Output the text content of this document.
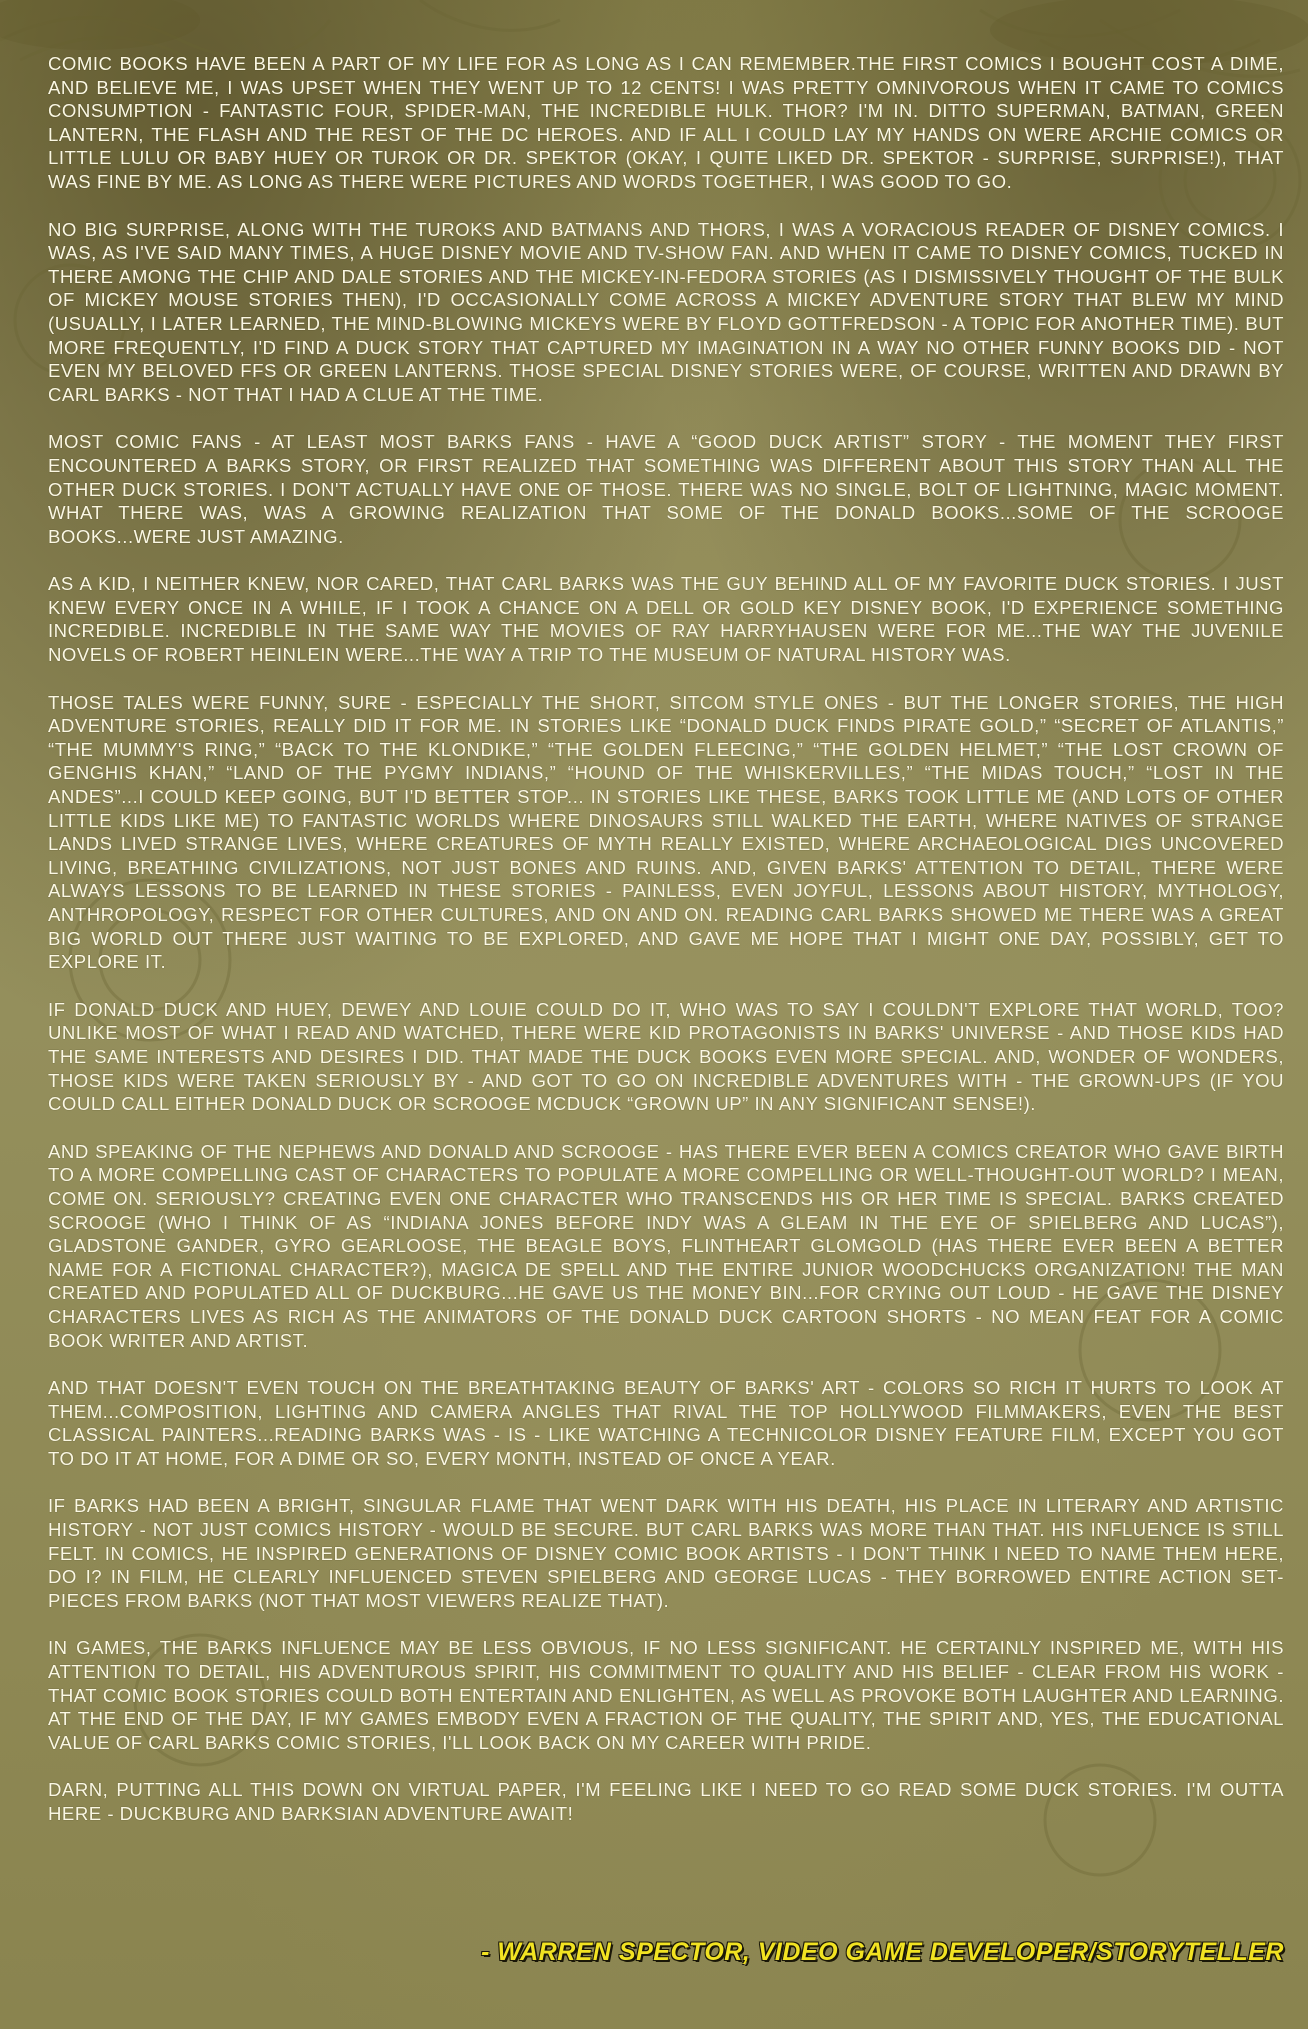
COMIC BOOKS HAVE BEEN A PART OF MY LIFE FOR AS LONG AS I CAN REMEMBER.THE FIRST COMICS I BOUGHT COST A DIME, AND BELIEVE ME, I WAS UPSET WHEN THEY WENT UP TO 12 CENTS! I WAS PRETTY OMNIVOROUS WHEN IT CAME TO COMICS CONSUMPTION - FANTASTIC FOUR, SPIDER-MAN, THE INCREDIBLE HULK. THOR? I'M IN. DITTO SUPERMAN, BATMAN, GREEN LANTERN, THE FLASH AND THE REST OF THE DC HEROES. AND IF ALL I COULD LAY MY HANDS ON WERE ARCHIE COMICS OR LITTLE LULU OR BABY HUEY OR TUROK OR DR. SPEKTOR (OKAY, I QUITE LIKED DR. SPEKTOR - SURPRISE, SURPRISE!), THAT WAS FINE BY ME. AS LONG AS THERE WERE PICTURES AND WORDS TOGETHER, I WAS GOOD TO GO.

NO BIG SURPRISE, ALONG WITH THE TUROKS AND BATMANS AND THORS, I WAS A VORACIOUS READER OF DISNEY COMICS. I WAS, AS I'VE SAID MANY TIMES, A HUGE DISNEY MOVIE AND TV-SHOW FAN. AND WHEN IT CAME TO DISNEY COMICS, TUCKED IN THERE AMONG THE CHIP AND DALE STORIES AND THE MICKEY-IN-FEDORA STORIES (AS I DISMISSIVELY THOUGHT OF THE BULK OF MICKEY MOUSE STORIES THEN), I'D OCCASIONALLY COME ACROSS A MICKEY ADVENTURE STORY THAT BLEW MY MIND (USUALLY, I LATER LEARNED, THE MIND-BLOWING MICKEYS WERE BY FLOYD GOTTFREDSON - A TOPIC FOR ANOTHER TIME). BUT MORE FREQUENTLY, I'D FIND A DUCK STORY THAT CAPTURED MY IMAGINATION IN A WAY NO OTHER FUNNY BOOKS DID - NOT EVEN MY BELOVED FFS OR GREEN LANTERNS. THOSE SPECIAL DISNEY STORIES WERE, OF COURSE, WRITTEN AND DRAWN BY CARL BARKS - NOT THAT I HAD A CLUE AT THE TIME.

MOST COMIC FANS - AT LEAST MOST BARKS FANS - HAVE A “GOOD DUCK ARTIST” STORY - THE MOMENT THEY FIRST ENCOUNTERED A BARKS STORY, OR FIRST REALIZED THAT SOMETHING WAS DIFFERENT ABOUT THIS STORY THAN ALL THE OTHER DUCK STORIES. I DON'T ACTUALLY HAVE ONE OF THOSE. THERE WAS NO SINGLE, BOLT OF LIGHTNING, MAGIC MOMENT. WHAT THERE WAS, WAS A GROWING REALIZATION THAT SOME OF THE DONALD BOOKS...SOME OF THE SCROOGE BOOKS...WERE JUST AMAZING.

AS A KID, I NEITHER KNEW, NOR CARED, THAT CARL BARKS WAS THE GUY BEHIND ALL OF MY FAVORITE DUCK STORIES. I JUST KNEW EVERY ONCE IN A WHILE, IF I TOOK A CHANCE ON A DELL OR GOLD KEY DISNEY BOOK, I'D EXPERIENCE SOMETHING INCREDIBLE. INCREDIBLE IN THE SAME WAY THE MOVIES OF RAY HARRYHAUSEN WERE FOR ME...THE WAY THE JUVENILE NOVELS OF ROBERT HEINLEIN WERE...THE WAY A TRIP TO THE MUSEUM OF NATURAL HISTORY WAS.

THOSE TALES WERE FUNNY, SURE - ESPECIALLY THE SHORT, SITCOM STYLE ONES - BUT THE LONGER STORIES, THE HIGH ADVENTURE STORIES, REALLY DID IT FOR ME. IN STORIES LIKE “DONALD DUCK FINDS PIRATE GOLD,” “SECRET OF ATLANTIS,” “THE MUMMY'S RING,” “BACK TO THE KLONDIKE,” “THE GOLDEN FLEECING,” “THE GOLDEN HELMET,” “THE LOST CROWN OF GENGHIS KHAN,” “LAND OF THE PYGMY INDIANS,” “HOUND OF THE WHISKERVILLES,” “THE MIDAS TOUCH,” “LOST IN THE ANDES”...I COULD KEEP GOING, BUT I'D BETTER STOP... IN STORIES LIKE THESE, BARKS TOOK LITTLE ME (AND LOTS OF OTHER LITTLE KIDS LIKE ME) TO FANTASTIC WORLDS WHERE DINOSAURS STILL WALKED THE EARTH, WHERE NATIVES OF STRANGE LANDS LIVED STRANGE LIVES, WHERE CREATURES OF MYTH REALLY EXISTED, WHERE ARCHAEOLOGICAL DIGS UNCOVERED LIVING, BREATHING CIVILIZATIONS, NOT JUST BONES AND RUINS. AND, GIVEN BARKS' ATTENTION TO DETAIL, THERE WERE ALWAYS LESSONS TO BE LEARNED IN THESE STORIES - PAINLESS, EVEN JOYFUL, LESSONS ABOUT HISTORY, MYTHOLOGY, ANTHROPOLOGY, RESPECT FOR OTHER CULTURES, AND ON AND ON. READING CARL BARKS SHOWED ME THERE WAS A GREAT BIG WORLD OUT THERE JUST WAITING TO BE EXPLORED, AND GAVE ME HOPE THAT I MIGHT ONE DAY, POSSIBLY, GET TO EXPLORE IT.

IF DONALD DUCK AND HUEY, DEWEY AND LOUIE COULD DO IT, WHO WAS TO SAY I COULDN'T EXPLORE THAT WORLD, TOO? UNLIKE MOST OF WHAT I READ AND WATCHED, THERE WERE KID PROTAGONISTS IN BARKS' UNIVERSE - AND THOSE KIDS HAD THE SAME INTERESTS AND DESIRES I DID. THAT MADE THE DUCK BOOKS EVEN MORE SPECIAL. AND, WONDER OF WONDERS, THOSE KIDS WERE TAKEN SERIOUSLY BY - AND GOT TO GO ON INCREDIBLE ADVENTURES WITH - THE GROWN-UPS (IF YOU COULD CALL EITHER DONALD DUCK OR SCROOGE MCDUCK “GROWN UP” IN ANY SIGNIFICANT SENSE!).

AND SPEAKING OF THE NEPHEWS AND DONALD AND SCROOGE - HAS THERE EVER BEEN A COMICS CREATOR WHO GAVE BIRTH TO A MORE COMPELLING CAST OF CHARACTERS TO POPULATE A MORE COMPELLING OR WELL-THOUGHT-OUT WORLD? I MEAN, COME ON. SERIOUSLY? CREATING EVEN ONE CHARACTER WHO TRANSCENDS HIS OR HER TIME IS SPECIAL. BARKS CREATED SCROOGE (WHO I THINK OF AS “INDIANA JONES BEFORE INDY WAS A GLEAM IN THE EYE OF SPIELBERG AND LUCAS”), GLADSTONE GANDER, GYRO GEARLOOSE, THE BEAGLE BOYS, FLINTHEART GLOMGOLD (HAS THERE EVER BEEN A BETTER NAME FOR A FICTIONAL CHARACTER?), MAGICA DE SPELL AND THE ENTIRE JUNIOR WOODCHUCKS ORGANIZATION! THE MAN CREATED AND POPULATED ALL OF DUCKBURG...HE GAVE US THE MONEY BIN...FOR CRYING OUT LOUD - HE GAVE THE DISNEY CHARACTERS LIVES AS RICH AS THE ANIMATORS OF THE DONALD DUCK CARTOON SHORTS - NO MEAN FEAT FOR A COMIC BOOK WRITER AND ARTIST.

AND THAT DOESN'T EVEN TOUCH ON THE BREATHTAKING BEAUTY OF BARKS' ART - COLORS SO RICH IT HURTS TO LOOK AT THEM...COMPOSITION, LIGHTING AND CAMERA ANGLES THAT RIVAL THE TOP HOLLYWOOD FILMMAKERS, EVEN THE BEST CLASSICAL PAINTERS...READING BARKS WAS - IS - LIKE WATCHING A TECHNICOLOR DISNEY FEATURE FILM, EXCEPT YOU GOT TO DO IT AT HOME, FOR A DIME OR SO, EVERY MONTH, INSTEAD OF ONCE A YEAR.

IF BARKS HAD BEEN A BRIGHT, SINGULAR FLAME THAT WENT DARK WITH HIS DEATH, HIS PLACE IN LITERARY AND ARTISTIC HISTORY - NOT JUST COMICS HISTORY - WOULD BE SECURE. BUT CARL BARKS WAS MORE THAN THAT. HIS INFLUENCE IS STILL FELT. IN COMICS, HE INSPIRED GENERATIONS OF DISNEY COMIC BOOK ARTISTS - I DON'T THINK I NEED TO NAME THEM HERE, DO I? IN FILM, HE CLEARLY INFLUENCED STEVEN SPIELBERG AND GEORGE LUCAS - THEY BORROWED ENTIRE ACTION SET-PIECES FROM BARKS (NOT THAT MOST VIEWERS REALIZE THAT).

IN GAMES, THE BARKS INFLUENCE MAY BE LESS OBVIOUS, IF NO LESS SIGNIFICANT. HE CERTAINLY INSPIRED ME, WITH HIS ATTENTION TO DETAIL, HIS ADVENTUROUS SPIRIT, HIS COMMITMENT TO QUALITY AND HIS BELIEF - CLEAR FROM HIS WORK - THAT COMIC BOOK STORIES COULD BOTH ENTERTAIN AND ENLIGHTEN, AS WELL AS PROVOKE BOTH LAUGHTER AND LEARNING. AT THE END OF THE DAY, IF MY GAMES EMBODY EVEN A FRACTION OF THE QUALITY, THE SPIRIT AND, YES, THE EDUCATIONAL VALUE OF CARL BARKS COMIC STORIES, I'LL LOOK BACK ON MY CAREER WITH PRIDE.

DARN, PUTTING ALL THIS DOWN ON VIRTUAL PAPER, I'M FEELING LIKE I NEED TO GO READ SOME DUCK STORIES. I'M OUTTA HERE - DUCKBURG AND BARKSIAN ADVENTURE AWAIT!

- WARREN SPECTOR, VIDEO GAME DEVELOPER/STORYTELLER
